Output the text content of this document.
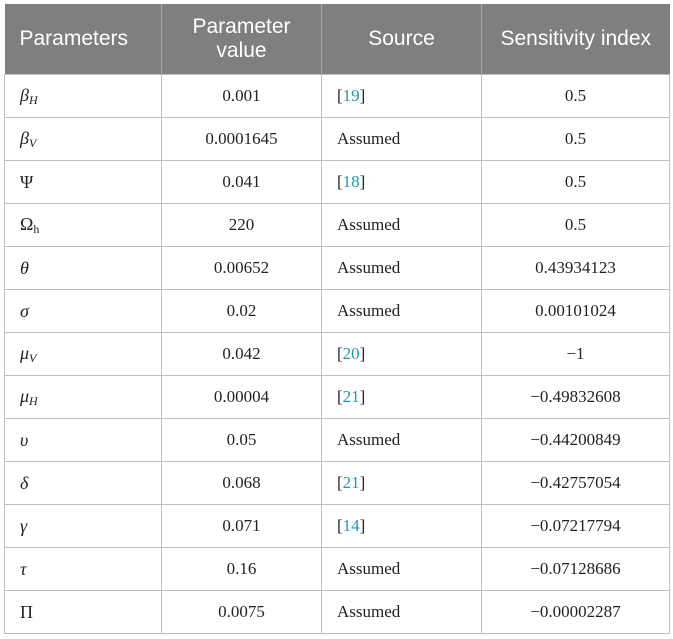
Parameters	Parameter value	Source	Sensitivity index
$\beta_H$	0.001	[19]	0.5
$\beta_V$	0.0001645	Assumed	0.5
Ψ	0.041	[18]	0.5
$\Omega_h$	220	Assumed	0.5
θ	0.00652	Assumed	0.43934123
σ	0.02	Assumed	0.00101024
$\mu_V$	0.042	[20]	−1
$\mu_H$	0.00004	[21]	−0.49832608
υ	0.05	Assumed	−0.44200849
δ	0.068	[21]	−0.42757054
γ	0.071	[14]	−0.07217794
τ	0.16	Assumed	−0.07128686
Π	0.0075	Assumed	−0.00002287
